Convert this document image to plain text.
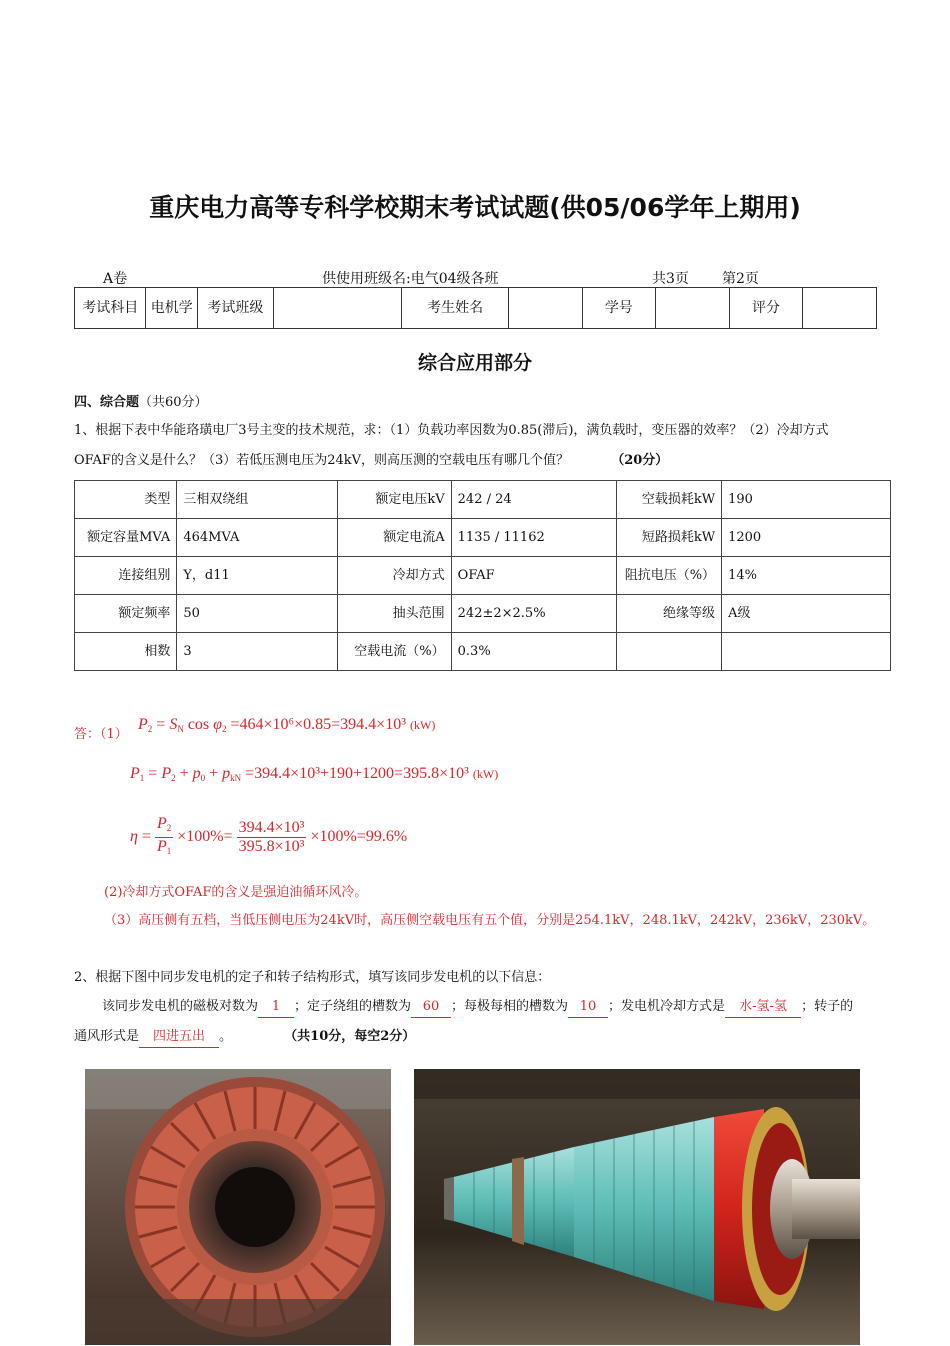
重庆电力高等专科学校期末考试试题(供05/06学年上期用)
A卷	供使用班级名:电气04级各班	共3页 第2页
考试科目	电机学	考试班级		考生姓名		学号		评分	
综合应用部分
四、综合题（共60分）
1、根据下表中华能珞璜电厂3号主变的技术规范，求：（1）负载功率因数为0.85(滞后)，满负载时，变压器的效率？（2）冷却方式
OFAF的含义是什么？（3）若低压测电压为24kV，则高压测的空载电压有哪几个值？	（20分）
类型	三相双绕组	额定电压kV	242 / 24	空载损耗kW	190
额定容量MVA	464MVA	额定电流A	1135 / 11162	短路损耗kW	1200
连接组别	Y，d11	冷却方式	OFAF	阻抗电压（%）	14%
额定频率	50	抽头范围	242±2×2.5%	绝缘等级	A级
相数	3	空载电流（%）	0.3%		
答：（1）
$P_2 = S_N$ $\cos \varphi_2 =464\times 10^6\times 0.85=394.4\times 10^3$ (kW)
$P_1 = P_2 + p_0 + p_{kN} =394.4\times 10^3+190+1200=395.8\times 10^3$ (kW)
$\eta = \frac{P_2}{P_1} \times 100\%= \frac{\text{394.4×10³}}{\text{395.8×10³}} \times 100\%=99.6\%$
(2)冷却方式OFAF的含义是强迫油循环风冷。
（3）高压侧有五档，当低压侧电压为24kV时，高压侧空载电压有五个值，分别是254.1kV，248.1kV，242kV，236kV，230kV。
2、根据下图中同步发电机的定子和转子结构形式，填写该同步发电机的以下信息：
该同步发电机的磁极对数为 1 ；定子绕组的槽数为 60 ；每极每相的槽数为 10 ；发电机冷却方式是 水-氢-氢 ；转子的
通风形式是 四进五出 。	（共10分，每空2分）
